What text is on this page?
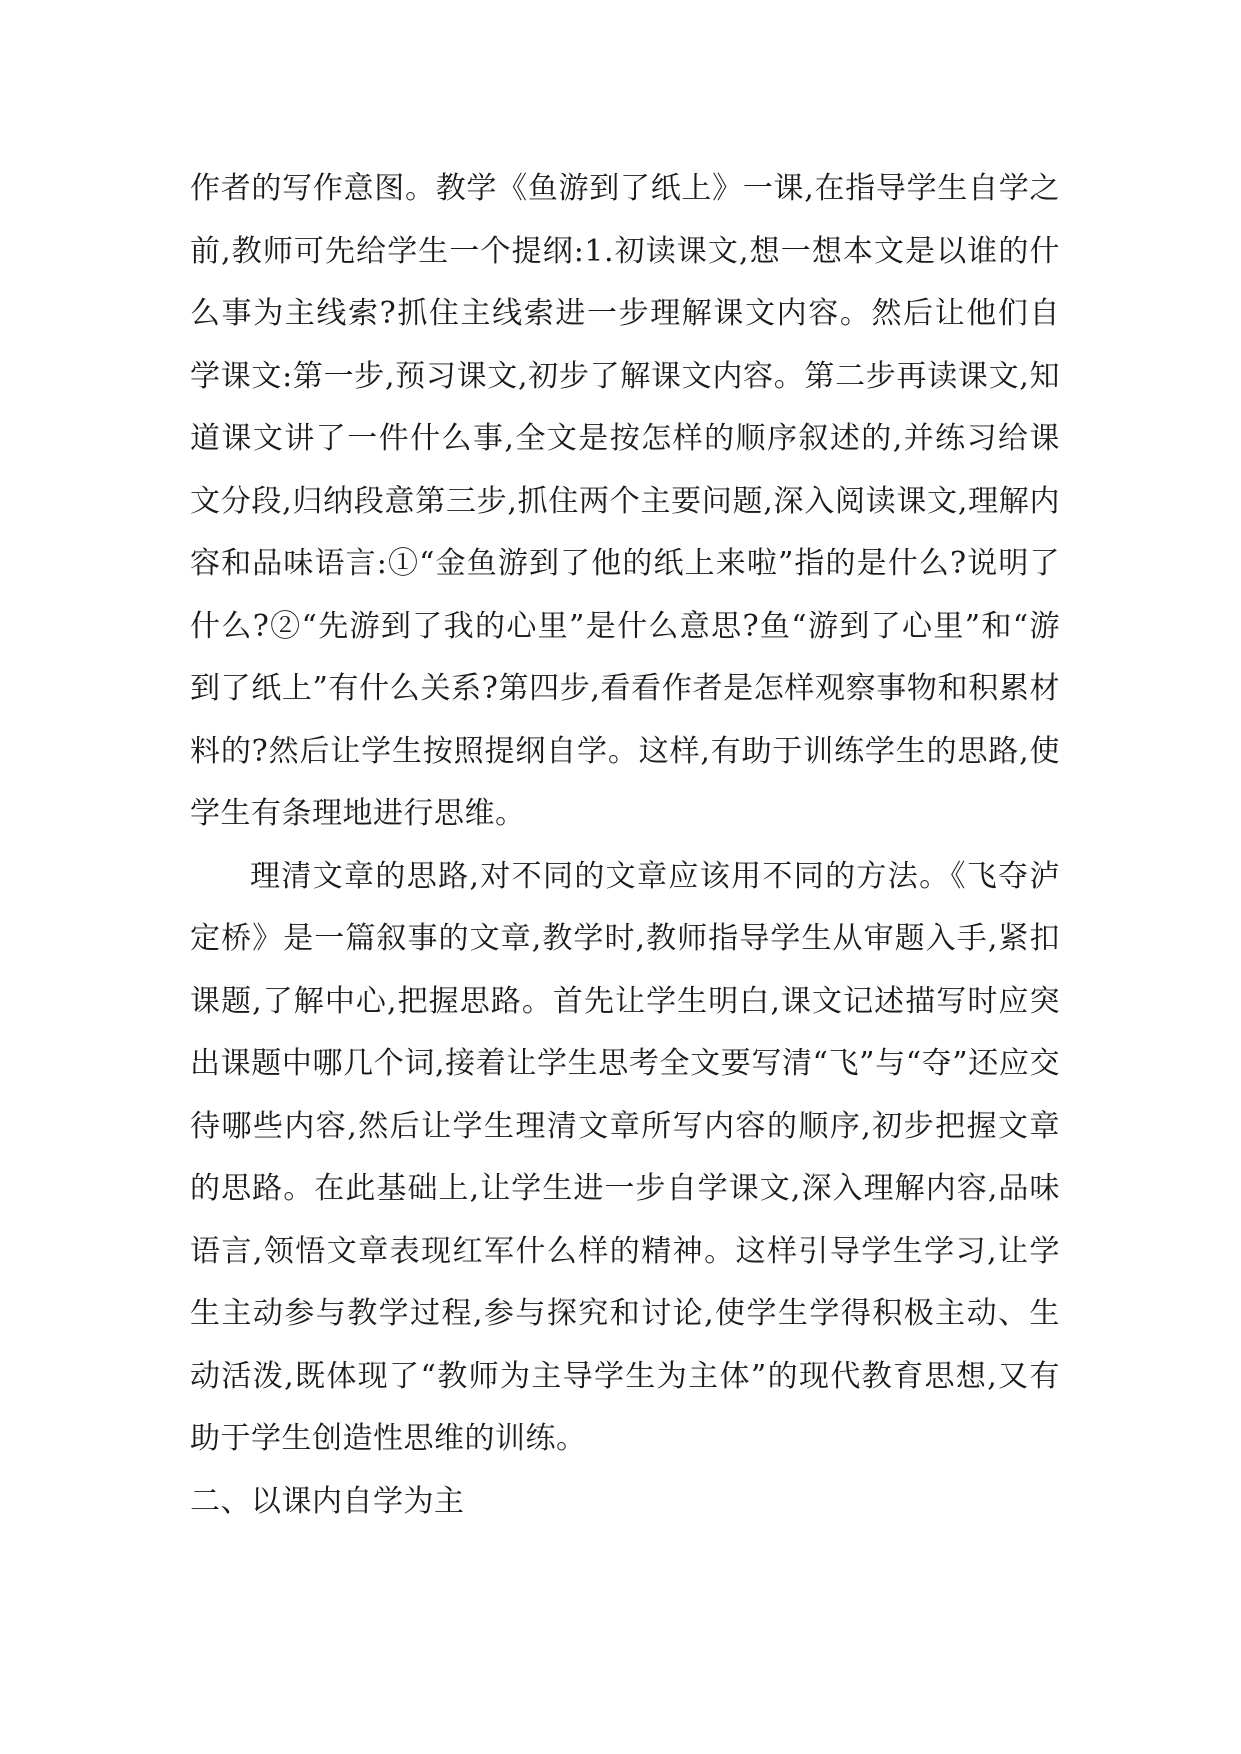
作者的写作意图。教学《鱼游到了纸上》一课,在指导学生自学之前,教师可先给学生一个提纲:1.初读课文,想一想本文是以谁的什么事为主线索?抓住主线索进一步理解课文内容。然后让他们自学课文:第一步,预习课文,初步了解课文内容。第二步再读课文,知道课文讲了一件什么事,全文是按怎样的顺序叙述的,并练习给课文分段,归纳段意第三步,抓住两个主要问题,深入阅读课文,理解内容和品味语言:①“金鱼游到了他的纸上来啦”指的是什么?说明了什么?②“先游到了我的心里”是什么意思?鱼“游到了心里”和“游到了纸上”有什么关系?第四步,看看作者是怎样观察事物和积累材料的?然后让学生按照提纲自学。这样,有助于训练学生的思路,使学生有条理地进行思维。

理清文章的思路,对不同的文章应该用不同的方法。《飞夺泸定桥》是一篇叙事的文章,教学时,教师指导学生从审题入手,紧扣课题,了解中心,把握思路。首先让学生明白,课文记述描写时应突出课题中哪几个词,接着让学生思考全文要写清“飞”与“夺”还应交待哪些内容,然后让学生理清文章所写内容的顺序,初步把握文章的思路。在此基础上,让学生进一步自学课文,深入理解内容,品味语言,领悟文章表现红军什么样的精神。这样引导学生学习,让学生主动参与教学过程,参与探究和讨论,使学生学得积极主动、生动活泼,既体现了“教师为主导学生为主体”的现代教育思想,又有助于学生创造性思维的训练。

二、以课内自学为主
